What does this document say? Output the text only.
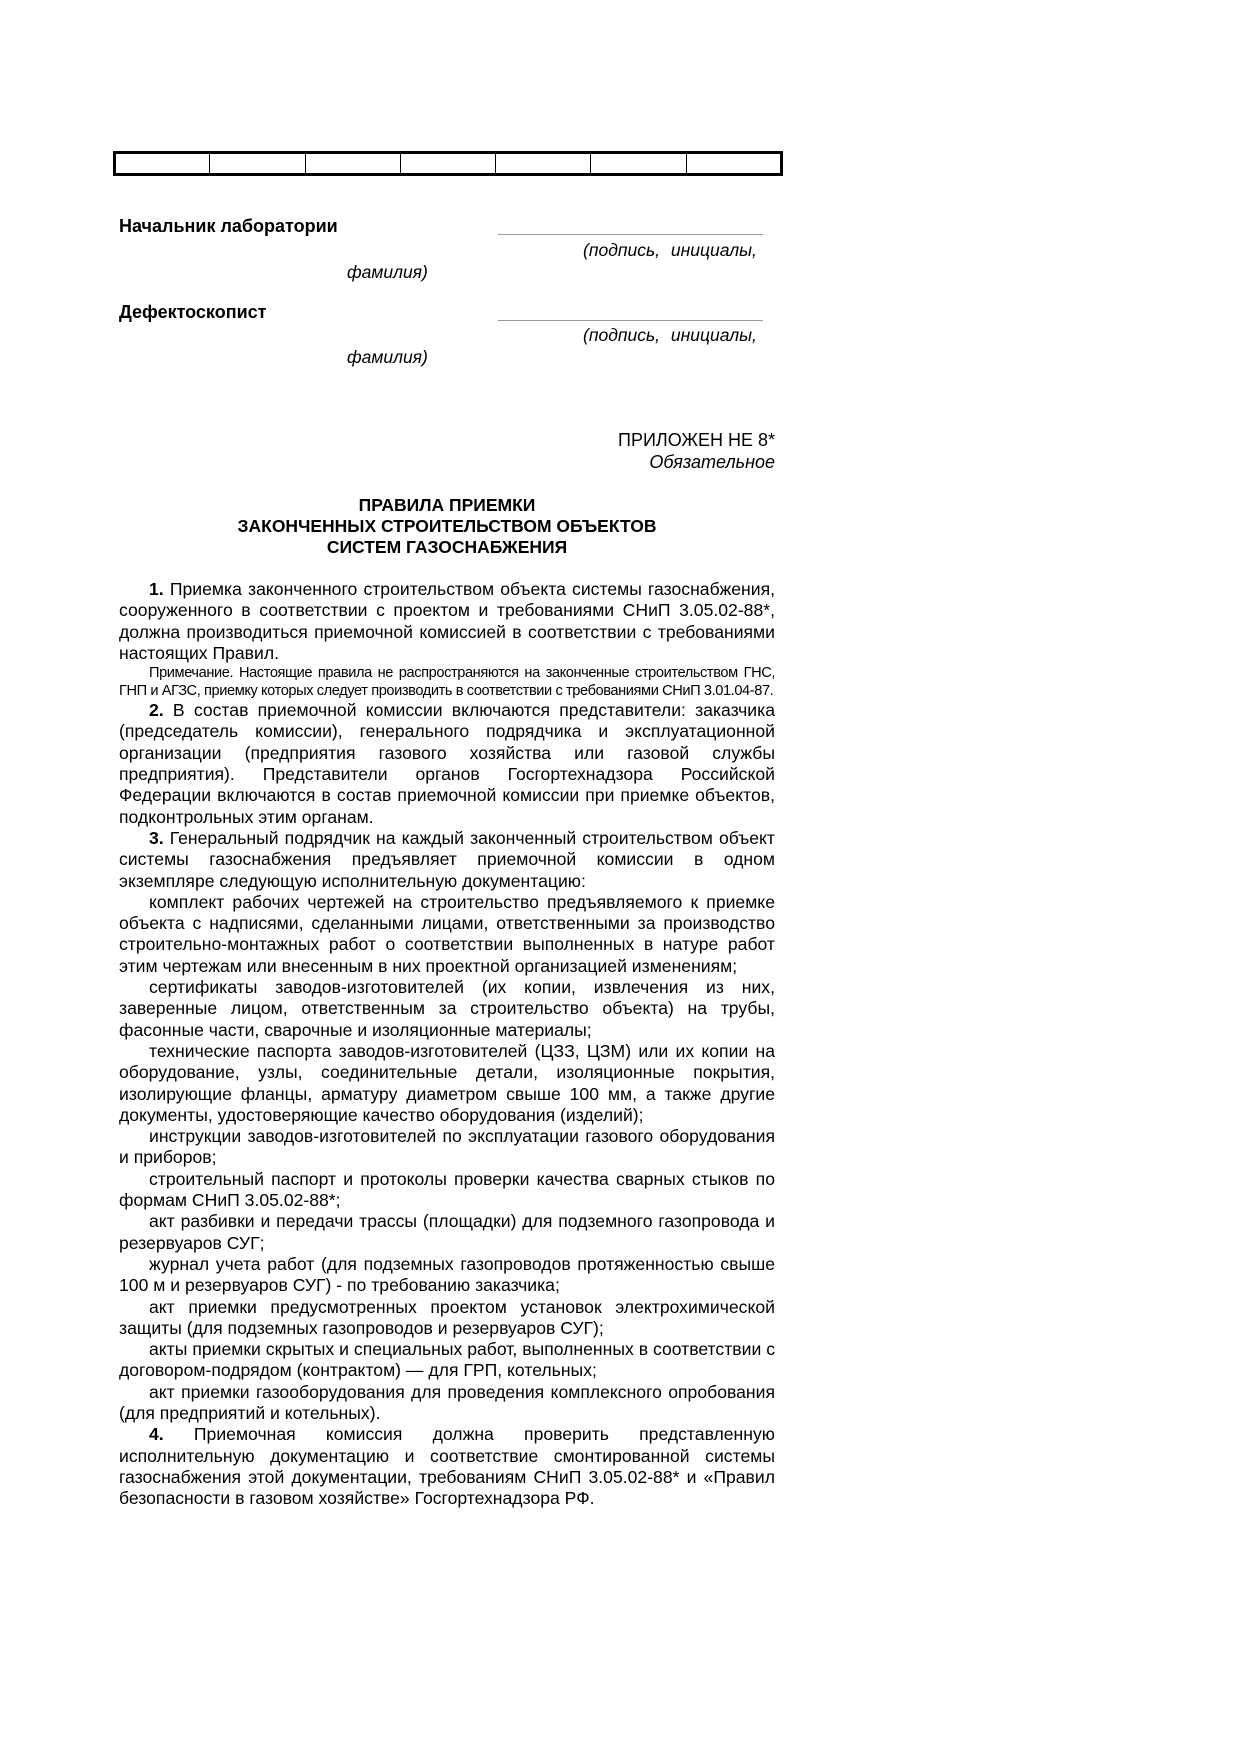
Начальник лаборатории
(подпись, инициалы,
фамилия)
Дефектоскопист
(подпись, инициалы,
фамилия)
ПРИЛОЖЕН НЕ 8*
Обязательное
ПРАВИЛА ПРИЕМКИ
ЗАКОНЧЕННЫХ СТРОИТЕЛЬСТВОМ ОБЪЕКТОВ
СИСТЕМ ГАЗОСНАБЖЕНИЯ

1. Приемка законченного строительством объекта системы газоснабжения, сооруженного в соответствии с проектом и требованиями СНиП 3.05.02-88*, должна производиться приемочной комиссией в соответствии с требованиями настоящих Правил.

Примечание. Настоящие правила не распространяются на законченные строительством ГНС, ГНП и АГЗС, приемку которых следует производить в соответствии с требованиями СНиП 3.01.04-87.

2. В состав приемочной комиссии включаются представители: заказчика (председатель комиссии), генерального подрядчика и эксплуатационной организации (предприятия газового хозяйства или газовой службы предприятия). Представители органов Госгортехнадзора Российской Федерации включаются в состав приемочной комиссии при приемке объектов, подконтрольных этим органам.

3. Генеральный подрядчик на каждый законченный строительством объект системы газоснабжения предъявляет приемочной комиссии в одном экземпляре следующую исполнительную документацию:

комплект рабочих чертежей на строительство предъявляемого к приемке объекта с надписями, сделанными лицами, ответственными за производство строительно-монтажных работ о соответствии выполненных в натуре работ этим чертежам или внесенным в них проектной организацией изменениям;

сертификаты заводов-изготовителей (их копии, извлечения из них, заверенные лицом, ответственным за строительство объекта) на трубы, фасонные части, сварочные и изоляционные материалы;

технические паспорта заводов-изготовителей (ЦЗЗ, ЦЗМ) или их копии на оборудование, узлы, соединительные детали, изоляционные покрытия, изолирующие фланцы, арматуру диаметром свыше 100 мм, а также другие документы, удостоверяющие качество оборудования (изделий);

инструкции заводов-изготовителей по эксплуатации газового оборудования и приборов;

строительный паспорт и протоколы проверки качества сварных стыков по формам СНиП 3.05.02-88*;

акт разбивки и передачи трассы (площадки) для подземного газопровода и резервуаров СУГ;

журнал учета работ (для подземных газопроводов протяженностью свыше 100 м и резервуаров СУГ) - по требованию заказчика;

акт приемки предусмотренных проектом установок электрохимической защиты (для подземных газопроводов и резервуаров СУГ);

акты приемки скрытых и специальных работ, выполненных в соответствии с договором-подрядом (контрактом) — для ГРП, котельных;

акт приемки газооборудования для проведения комплексного опробования (для предприятий и котельных).

4. Приемочная комиссия должна проверить представленную исполнительную документацию и соответствие смонтированной системы газоснабжения этой документации, требованиям СНиП 3.05.02-88* и «Правил безопасности в газовом хозяйстве» Госгортехнадзора РФ.
